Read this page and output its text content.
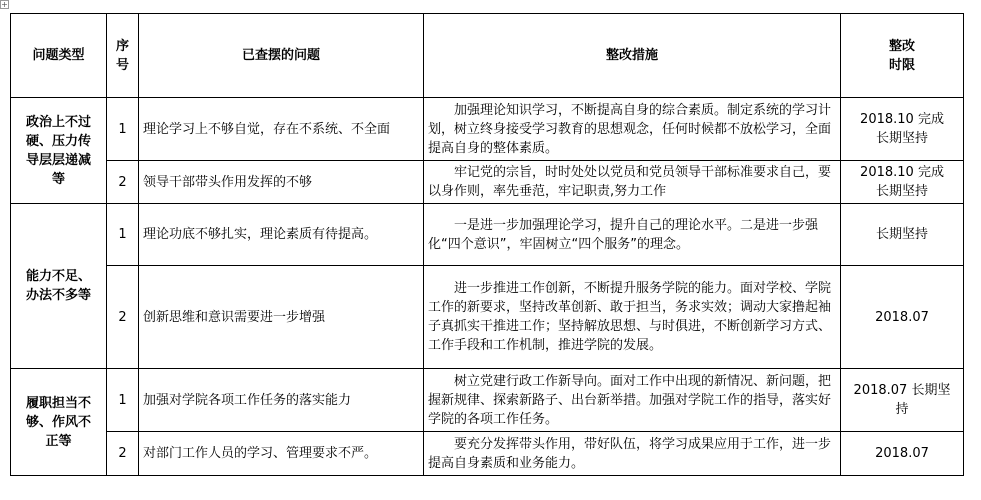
+
问题类型	序
号	已查摆的问题	整改措施	整改
时限

政治上不过
硬、压力传
导层层递减
等	1	理论学习上不够自觉，存在不系统、不全面	加强理论知识学习，不断提高自身的综合素质。制定系统的学习计划，树立终身接受学习教育的思想观念，任何时候都不放松学习，全面提高自身的整体素质。	2018.10 完成
长期坚持

	2	领导干部带头作用发挥的不够	牢记党的宗旨，时时处处以党员和党员领导干部标准要求自己，要以身作则，率先垂范，牢记职责,努力工作	2018.10 完成
长期坚持

能力不足、
办法不多等	1	理论功底不够扎实，理论素质有待提高。	一是进一步加强理论学习，提升自己的理论水平。二是进一步强化“四个意识”，牢固树立“四个服务”的理念。	长期坚持

	2	创新思维和意识需要进一步增强	进一步推进工作创新，不断提升服务学院的能力。面对学校、学院工作的新要求，坚持改革创新、敢于担当，务求实效；调动大家撸起袖子真抓实干推进工作；坚持解放思想、与时俱进，不断创新学习方式、工作手段和工作机制，推进学院的发展。	2018.07

履职担当不
够、作风不
正等	1	加强对学院各项工作任务的落实能力	树立党建行政工作新导向。面对工作中出现的新情况、新问题，把握新规律、探索新路子、出台新举措。加强对学院工作的指导，落实好学院的各项工作任务。	2018.07 长期坚
持

	2	对部门工作人员的学习、管理要求不严。	要充分发挥带头作用，带好队伍，将学习成果应用于工作，进一步提高自身素质和业务能力。	2018.07
